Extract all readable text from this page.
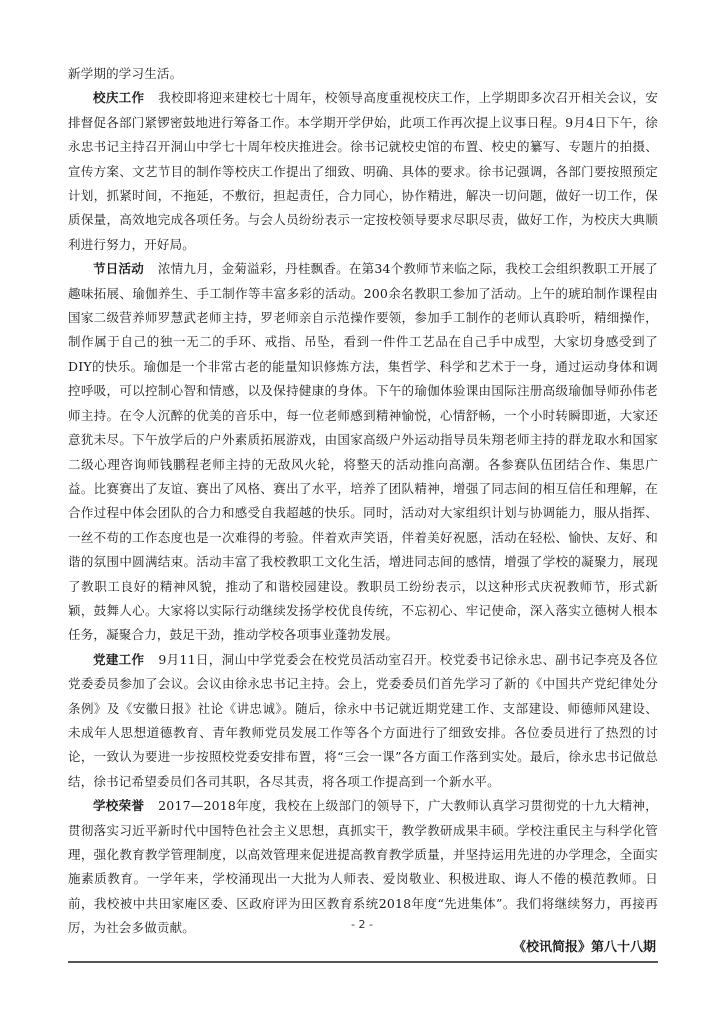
新学期的学习生活。

校庆工作 我校即将迎来建校七十周年，校领导高度重视校庆工作，上学期即多次召开相关会议，安排督促各部门紧锣密鼓地进行筹备工作。本学期开学伊始，此项工作再次提上议事日程。9月4日下午，徐永忠书记主持召开洞山中学七十周年校庆推进会。徐书记就校史馆的布置、校史的纂写、专题片的拍摄、宣传方案、文艺节目的制作等校庆工作提出了细致、明确、具体的要求。徐书记强调，各部门要按照预定计划，抓紧时间，不拖延，不敷衍，担起责任，合力同心，协作精进，解决一切问题，做好一切工作，保质保量，高效地完成各项任务。与会人员纷纷表示一定按校领导要求尽职尽责，做好工作，为校庆大典顺利进行努力，开好局。

节日活动 浓情九月，金菊溢彩，丹桂飘香。在第34个教师节来临之际，我校工会组织教职工开展了趣味拓展、瑜伽养生、手工制作等丰富多彩的活动。200余名教职工参加了活动。上午的琥珀制作课程由国家二级营养师罗慧武老师主持，罗老师亲自示范操作要领，参加手工制作的老师认真聆听，精细操作，制作属于自己的独一无二的手环、戒指、吊坠，看到一件件工艺品在自己手中成型，大家切身感受到了DIY的快乐。瑜伽是一个非常古老的能量知识修炼方法，集哲学、科学和艺术于一身，通过运动身体和调控呼吸，可以控制心智和情感，以及保持健康的身体。下午的瑜伽体验课由国际注册高级瑜伽导师孙伟老师主持。在令人沉醉的优美的音乐中，每一位老师感到精神愉悦，心情舒畅，一个小时转瞬即逝，大家还意犹未尽。下午放学后的户外素质拓展游戏，由国家高级户外运动指导员朱翔老师主持的群龙取水和国家二级心理咨询师钱鹏程老师主持的无敌风火轮，将整天的活动推向高潮。各参赛队伍团结合作、集思广益。比赛赛出了友谊、赛出了风格、赛出了水平，培养了团队精神，增强了同志间的相互信任和理解，在合作过程中体会团队的合力和感受自我超越的快乐。同时，活动对大家组织计划与协调能力，服从指挥、一丝不苟的工作态度也是一次难得的考验。伴着欢声笑语，伴着美好祝愿，活动在轻松、愉快、友好、和谐的氛围中圆满结束。活动丰富了我校教职工文化生活，增进同志间的感情，增强了学校的凝聚力，展现了教职工良好的精神风貌，推动了和谐校园建设。教职员工纷纷表示，以这种形式庆祝教师节，形式新颖，鼓舞人心。大家将以实际行动继续发扬学校优良传统，不忘初心、牢记使命，深入落实立德树人根本任务，凝聚合力，鼓足干劲，推动学校各项事业蓬勃发展。

党建工作 9月11日，洞山中学党委会在校党员活动室召开。校党委书记徐永忠、副书记李亮及各位党委委员参加了会议。会议由徐永忠书记主持。会上，党委委员们首先学习了新的《中国共产党纪律处分条例》及《安徽日报》社论《讲忠诚》。随后，徐永中书记就近期党建工作、支部建设、师德师风建设、未成年人思想道德教育、青年教师党员发展工作等各个方面进行了细致安排。各位委员进行了热烈的讨论，一致认为要进一步按照校党委安排布置，将“三会一课”各方面工作落到实处。最后，徐永忠书记做总结，徐书记希望委员们各司其职，各尽其责，将各项工作提高到一个新水平。

学校荣誉 2017—2018年度，我校在上级部门的领导下，广大教师认真学习贯彻党的十九大精神，贯彻落实习近平新时代中国特色社会主义思想，真抓实干，教学教研成果丰硕。学校注重民主与科学化管理，强化教育教学管理制度，以高效管理来促进提高教育教学质量，并坚持运用先进的办学理念，全面实施素质教育。一学年来，学校涌现出一大批为人师表、爱岗敬业、积极进取、诲人不倦的模范教师。日前，我校被中共田家庵区委、区政府评为田区教育系统2018年度“先进集体”。我们将继续努力，再接再厉，为社会多做贡献。	- 2 -
《校讯简报》第八十八期
